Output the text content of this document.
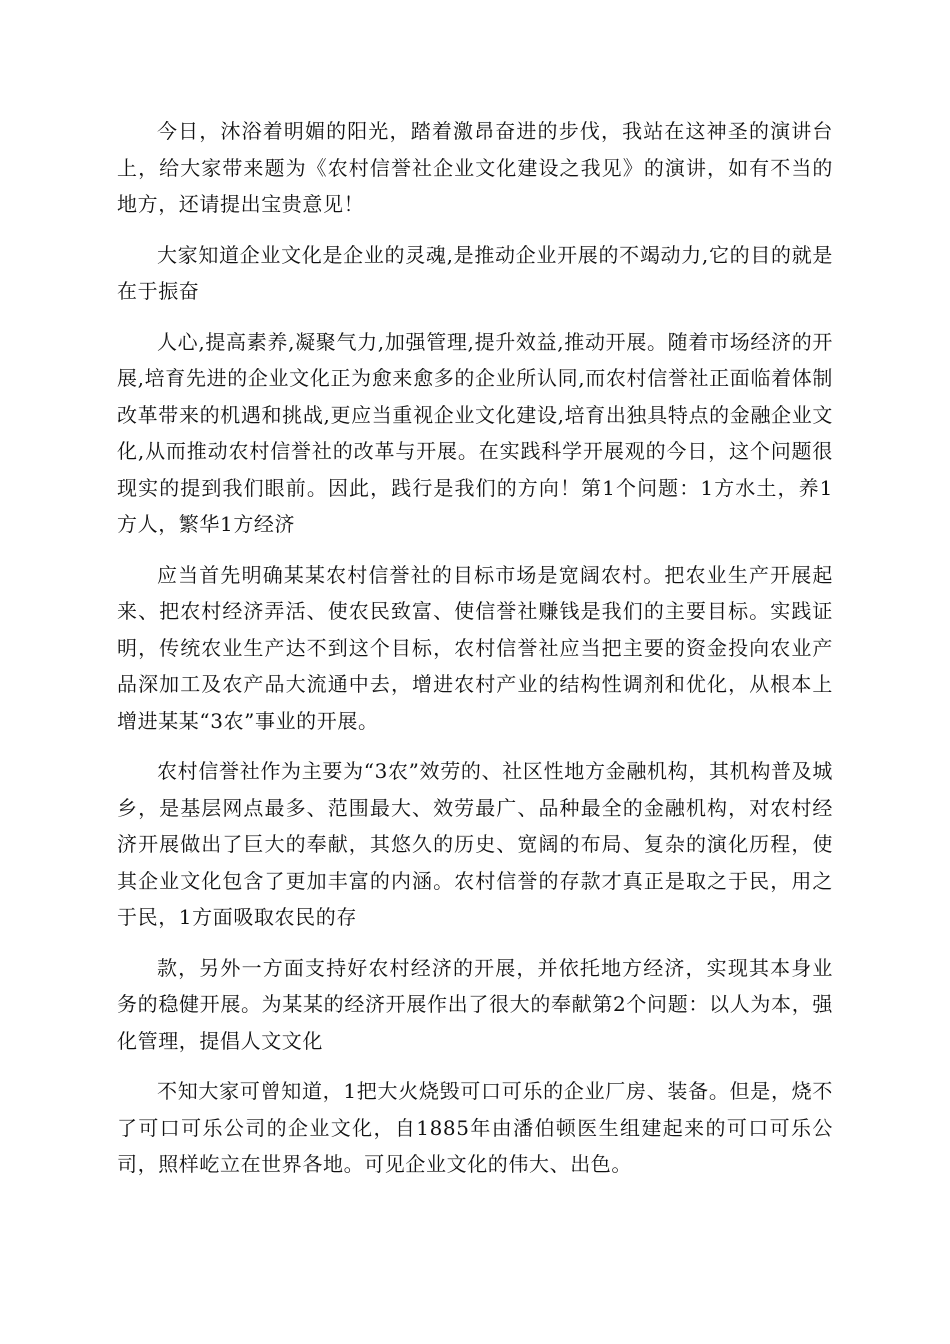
今日，沐浴着明媚的阳光，踏着激昂奋进的步伐，我站在这神圣的演讲台上，给大家带来题为《农村信誉社企业文化建设之我见》的演讲，如有不当的地方，还请提出宝贵意见！

大家知道企业文化是企业的灵魂,是推动企业开展的不竭动力,它的目的就是在于振奋

人心,提高素养,凝聚气力,加强管理,提升效益,推动开展。随着市场经济的开展,培育先进的企业文化正为愈来愈多的企业所认同,而农村信誉社正面临着体制改革带来的机遇和挑战,更应当重视企业文化建设,培育出独具特点的金融企业文化,从而推动农村信誉社的改革与开展。在实践科学开展观的今日，这个问题很现实的提到我们眼前。因此，践行是我们的方向！第1个问题：1方水土，养1方人，繁华1方经济

应当首先明确某某农村信誉社的目标市场是宽阔农村。把农业生产开展起来、把农村经济弄活、使农民致富、使信誉社赚钱是我们的主要目标。实践证明，传统农业生产达不到这个目标，农村信誉社应当把主要的资金投向农业产品深加工及农产品大流通中去，增进农村产业的结构性调剂和优化，从根本上增进某某“3农”事业的开展。

农村信誉社作为主要为“3农”效劳的、社区性地方金融机构，其机构普及城乡，是基层网点最多、范围最大、效劳最广、品种最全的金融机构，对农村经济开展做出了巨大的奉献，其悠久的历史、宽阔的布局、复杂的演化历程，使其企业文化包含了更加丰富的内涵。农村信誉的存款才真正是取之于民，用之于民，1方面吸取农民的存

款，另外一方面支持好农村经济的开展，并依托地方经济，实现其本身业务的稳健开展。为某某的经济开展作出了很大的奉献第2个问题：以人为本，强化管理，提倡人文文化

不知大家可曾知道，1把大火烧毁可口可乐的企业厂房、装备。但是，烧不了可口可乐公司的企业文化，自1885年由潘伯顿医生组建起来的可口可乐公司，照样屹立在世界各地。可见企业文化的伟大、出色。
